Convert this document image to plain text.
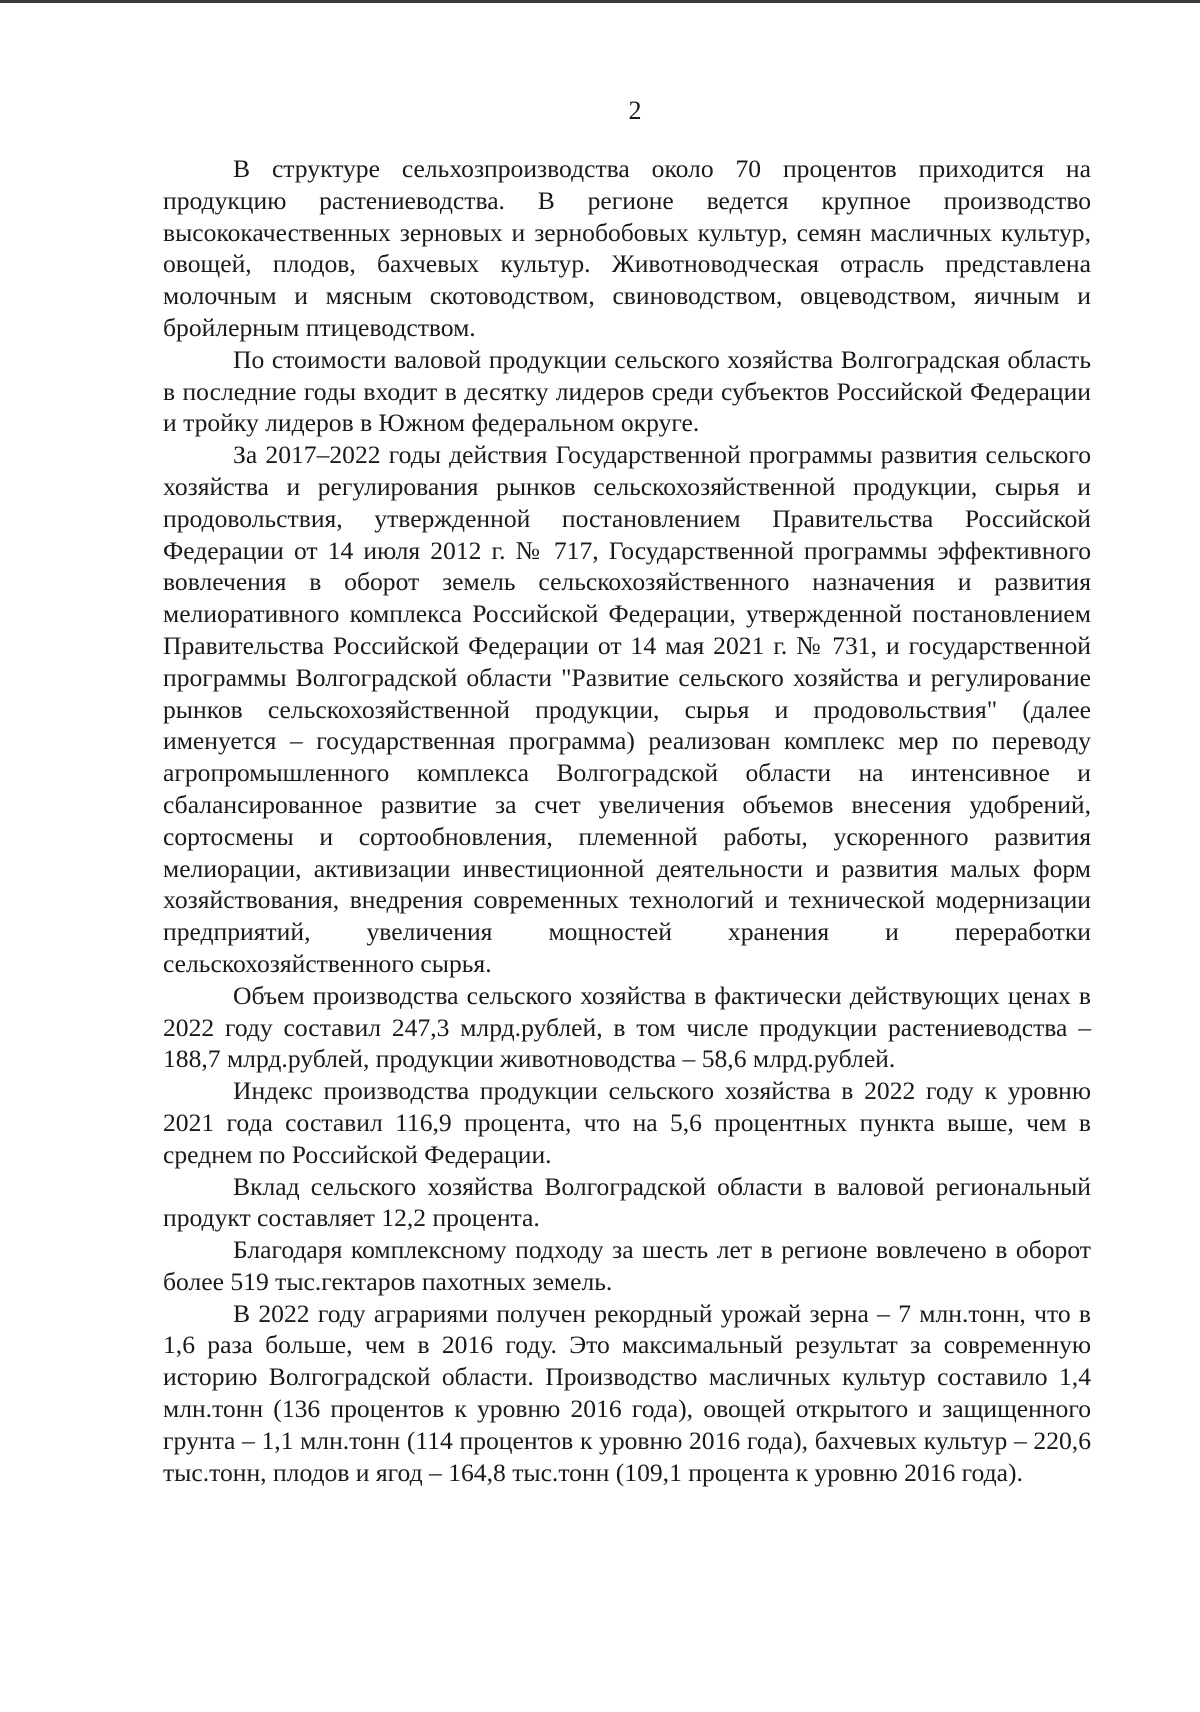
2

В структуре сельхозпроизводства около 70 процентов приходится на продукцию растениеводства. В регионе ведется крупное производство высококачественных зерновых и зернобобовых культур, семян масличных культур, овощей, плодов, бахчевых культур. Животноводческая отрасль представлена молочным и мясным скотоводством, свиноводством, овцеводством, яичным и бройлерным птицеводством.

По стоимости валовой продукции сельского хозяйства Волгоградская область в последние годы входит в десятку лидеров среди субъектов Российской Федерации и тройку лидеров в Южном федеральном округе.

За 2017–2022 годы действия Государственной программы развития сельского хозяйства и регулирования рынков сельскохозяйственной продукции, сырья и продовольствия, утвержденной постановлением Правительства Российской Федерации от 14 июля 2012 г. № 717, Государственной программы эффективного вовлечения в оборот земель сельскохозяйственного назначения и развития мелиоративного комплекса Российской Федерации, утвержденной постановлением Правительства Российской Федерации от 14 мая 2021 г. № 731, и государственной программы Волгоградской области "Развитие сельского хозяйства и регулирование рынков сельскохозяйственной продукции, сырья и продовольствия" (далее именуется – государственная программа) реализован комплекс мер по переводу агропромышленного комплекса Волгоградской области на интенсивное и сбалансированное развитие за счет увеличения объемов внесения удобрений, сортосмены и сортообновления, племенной работы, ускоренного развития мелиорации, активизации инвестиционной деятельности и развития малых форм хозяйствования, внедрения современных технологий и технической модернизации предприятий, увеличения мощностей хранения и переработки сельскохозяйственного сырья.

Объем производства сельского хозяйства в фактически действующих ценах в 2022 году составил 247,3 млрд.рублей, в том числе продукции растениеводства – 188,7 млрд.рублей, продукции животноводства – 58,6 млрд.рублей.

Индекс производства продукции сельского хозяйства в 2022 году к уровню 2021 года составил 116,9 процента, что на 5,6 процентных пункта выше, чем в среднем по Российской Федерации.

Вклад сельского хозяйства Волгоградской области в валовой региональный продукт составляет 12,2 процента.

Благодаря комплексному подходу за шесть лет в регионе вовлечено в оборот более 519 тыс.гектаров пахотных земель.

В 2022 году аграриями получен рекордный урожай зерна – 7 млн.тонн, что в 1,6 раза больше, чем в 2016 году. Это максимальный результат за современную историю Волгоградской области. Производство масличных культур составило 1,4 млн.тонн (136 процентов к уровню 2016 года), овощей открытого и защищенного грунта – 1,1 млн.тонн (114 процентов к уровню 2016 года), бахчевых культур – 220,6 тыс.тонн, плодов и ягод – 164,8 тыс.тонн (109,1 процента к уровню 2016 года).
